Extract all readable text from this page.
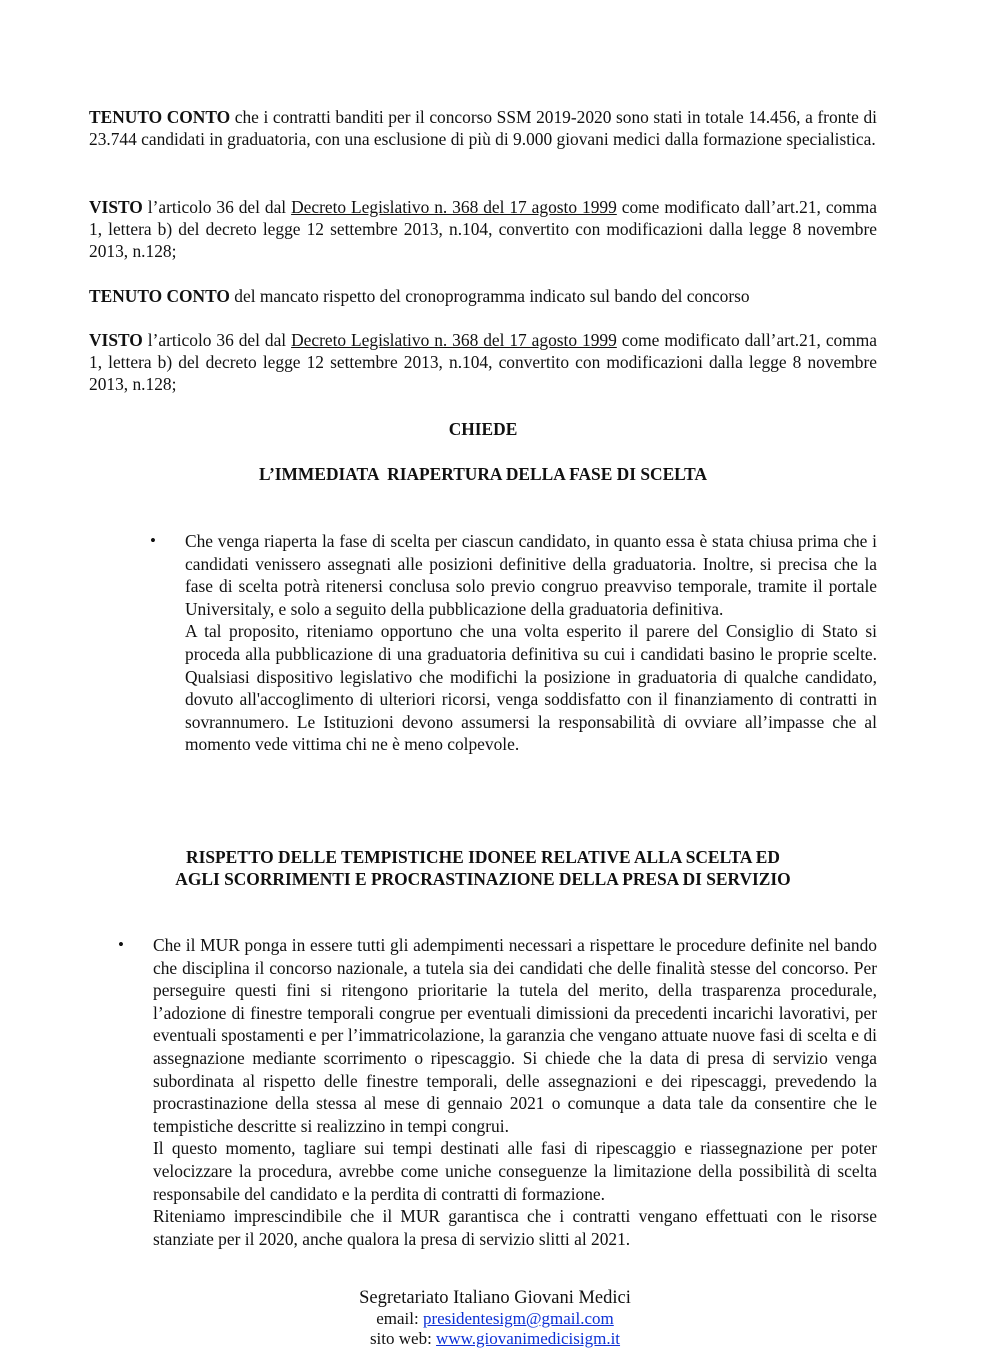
TENUTO CONTO che i contratti banditi per il concorso SSM 2019-2020 sono stati in totale 14.456, a fronte di 23.744 candidati in graduatoria, con una esclusione di più di 9.000 giovani medici dalla formazione specialistica.

VISTO l’articolo 36 del dal Decreto Legislativo n. 368 del 17 agosto 1999 come modificato dall’art.21, comma 1, lettera b) del decreto legge 12 settembre 2013, n.104, convertito con modificazioni dalla legge 8 novembre 2013, n.128;

TENUTO CONTO del mancato rispetto del cronoprogramma indicato sul bando del concorso

VISTO l’articolo 36 del dal Decreto Legislativo n. 368 del 17 agosto 1999 come modificato dall’art.21, comma 1, lettera b) del decreto legge 12 settembre 2013, n.104, convertito con modificazioni dalla legge 8 novembre 2013, n.128;

CHIEDE
L’IMMEDIATA  RIAPERTURA DELLA FASE DI SCELTA
• Che venga riaperta la fase di scelta per ciascun candidato, in quanto essa è stata chiusa prima che i candidati venissero assegnati alle posizioni definitive della graduatoria. Inoltre, si precisa che la fase di scelta potrà ritenersi conclusa solo previo congruo preavviso temporale, tramite il portale Universitaly, e solo a seguito della pubblicazione della graduatoria definitiva.

A tal proposito, riteniamo opportuno che una volta esperito il parere del Consiglio di Stato si proceda alla pubblicazione di una graduatoria definitiva su cui i candidati basino le proprie scelte. Qualsiasi dispositivo legislativo che modifichi la posizione in graduatoria di qualche candidato, dovuto all'accoglimento di ulteriori ricorsi, venga soddisfatto con il finanziamento di contratti in sovrannumero. Le Istituzioni devono assumersi la responsabilità di ovviare all’impasse che al momento vede vittima chi ne è meno colpevole.

RISPETTO DELLE TEMPISTICHE IDONEE RELATIVE ALLA SCELTA ED
AGLI SCORRIMENTI E PROCRASTINAZIONE DELLA PRESA DI SERVIZIO
• Che il MUR ponga in essere tutti gli adempimenti necessari a rispettare le procedure definite nel bando che disciplina il concorso nazionale, a tutela sia dei candidati che delle finalità stesse del concorso. Per perseguire questi fini si ritengono prioritarie la tutela del merito, della trasparenza procedurale, l’adozione di finestre temporali congrue per eventuali dimissioni da precedenti incarichi lavorativi, per eventuali spostamenti e per l’immatricolazione, la garanzia che vengano attuate nuove fasi di scelta e di assegnazione mediante scorrimento o ripescaggio. Si chiede che la data di presa di servizio venga subordinata al rispetto delle finestre temporali, delle assegnazioni e dei ripescaggi, prevedendo la procrastinazione della stessa al mese di gennaio 2021 o comunque a data tale da consentire che le tempistiche descritte si realizzino in tempi congrui.

Il questo momento, tagliare sui tempi destinati alle fasi di ripescaggio e riassegnazione per poter velocizzare la procedura, avrebbe come uniche conseguenze la limitazione della possibilità di scelta responsabile del candidato e la perdita di contratti di formazione.

Riteniamo imprescindibile che il MUR garantisca che i contratti vengano effettuati con le risorse stanziate per il 2020, anche qualora la presa di servizio slitti al 2021.

Segretariato Italiano Giovani Medici
email: presidentesigm@gmail.com
sito web: www.giovanimedicisigm.it
